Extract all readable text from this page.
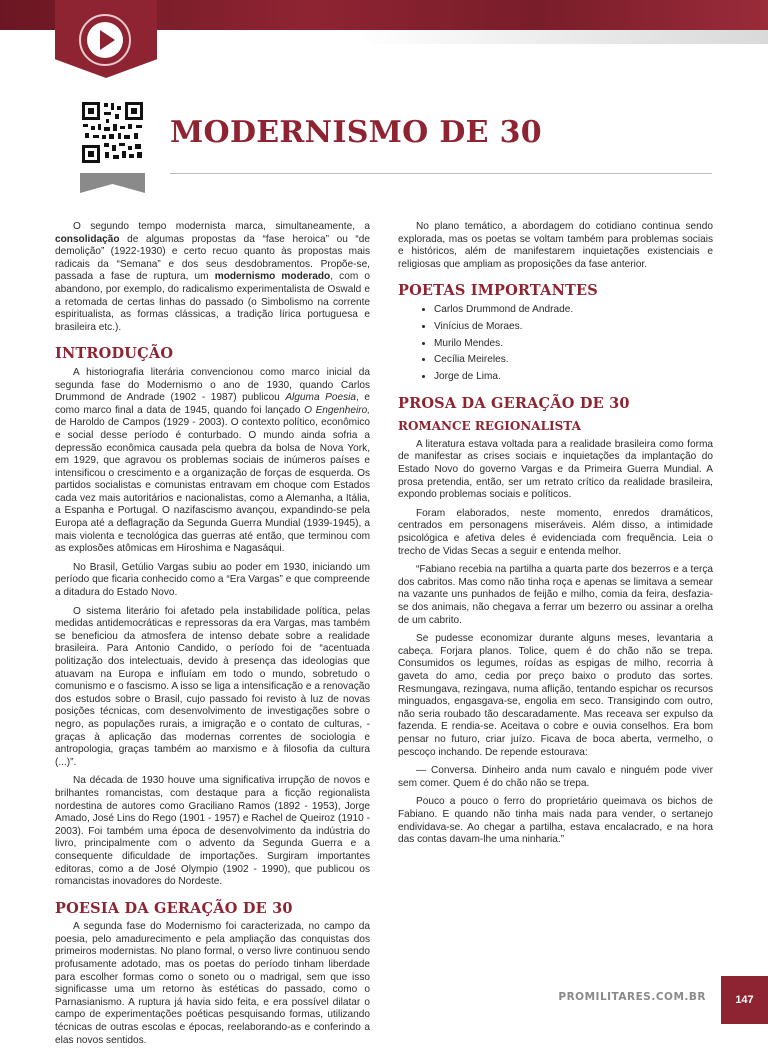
MODERNISMO DE 30

O segundo tempo modernista marca, simultaneamente, a consolidação de algumas propostas da “fase heroica” ou “de demolição” (1922-1930) e certo recuo quanto às propostas mais radicais da “Semana” e dos seus desdobramentos. Propõe-se, passada a fase de ruptura, um modernismo moderado, com o abandono, por exemplo, do radicalismo experimentalista de Oswald e a retomada de certas linhas do passado (o Simbolismo na corrente espiritualista, as formas clássicas, a tradição lírica portuguesa e brasileira etc.).

INTRODUÇÃO

A historiografia literária convencionou como marco inicial da segunda fase do Modernismo o ano de 1930, quando Carlos Drummond de Andrade (1902 - 1987) publicou Alguma Poesia, e como marco final a data de 1945, quando foi lançado O Engenheiro, de Haroldo de Campos (1929 - 2003). O contexto político, econômico e social desse período é conturbado. O mundo ainda sofria a depressão econômica causada pela quebra da bolsa de Nova York, em 1929, que agravou os problemas sociais de inúmeros países e intensificou o crescimento e a organização de forças de esquerda. Os partidos socialistas e comunistas entravam em choque com Estados cada vez mais autoritários e nacionalistas, como a Alemanha, a Itália, a Espanha e Portugal. O nazifascismo avançou, expandindo-se pela Europa até a deflagração da Segunda Guerra Mundial (1939-1945), a mais violenta e tecnológica das guerras até então, que terminou com as explosões atômicas em Hiroshima e Nagasáqui.

No Brasil, Getúlio Vargas subiu ao poder em 1930, iniciando um período que ficaria conhecido como a “Era Vargas” e que compreende a ditadura do Estado Novo.

O sistema literário foi afetado pela instabilidade política, pelas medidas antidemocráticas e repressoras da era Vargas, mas também se beneficiou da atmosfera de intenso debate sobre a realidade brasileira. Para Antonio Candido, o período foi de “acentuada politização dos intelectuais, devido à presença das ideologias que atuavam na Europa e influíam em todo o mundo, sobretudo o comunismo e o fascismo. A isso se liga a intensificação e a renovação dos estudos sobre o Brasil, cujo passado foi revisto à luz de novas posições técnicas, com desenvolvimento de investigações sobre o negro, as populações rurais, a imigração e o contato de culturas, - graças à aplicação das modernas correntes de sociologia e antropologia, graças também ao marxismo e à filosofia da cultura (...)”.

Na década de 1930 houve uma significativa irrupção de novos e brilhantes romancistas, com destaque para a ficção regionalista nordestina de autores como Graciliano Ramos (1892 - 1953), Jorge Amado, José Lins do Rego (1901 - 1957) e Rachel de Queiroz (1910 - 2003). Foi também uma época de desenvolvimento da indústria do livro, principalmente com o advento da Segunda Guerra e a consequente dificuldade de importações. Surgiram importantes editoras, como a de José Olympio (1902 - 1990), que publicou os romancistas inovadores do Nordeste.

POESIA DA GERAÇÃO DE 30

A segunda fase do Modernismo foi caracterizada, no campo da poesia, pelo amadurecimento e pela ampliação das conquistas dos primeiros modernistas. No plano formal, o verso livre continuou sendo profusamente adotado, mas os poetas do período tinham liberdade para escolher formas como o soneto ou o madrigal, sem que isso significasse uma um retorno às estéticas do passado, como o Parnasianismo. A ruptura já havia sido feita, e era possível dilatar o campo de experimentações poéticas pesquisando formas, utilizando técnicas de outras escolas e épocas, reelaborando-as e conferindo a elas novos sentidos.

No plano temático, a abordagem do cotidiano continua sendo explorada, mas os poetas se voltam também para problemas sociais e históricos, além de manifestarem inquietações existenciais e religiosas que ampliam as proposições da fase anterior.

POETAS IMPORTANTES
• Carlos Drummond de Andrade.
• Vinícius de Moraes.
• Murilo Mendes.
• Cecília Meireles.
• Jorge de Lima.
PROSA DA GERAÇÃO DE 30
ROMANCE REGIONALISTA

A literatura estava voltada para a realidade brasileira como forma de manifestar as crises sociais e inquietações da implantação do Estado Novo do governo Vargas e da Primeira Guerra Mundial. A prosa pretendia, então, ser um retrato crítico da realidade brasileira, expondo problemas sociais e políticos.

Foram elaborados, neste momento, enredos dramáticos, centrados em personagens miseráveis. Além disso, a intimidade psicológica e afetiva deles é evidenciada com frequência. Leia o trecho de Vidas Secas a seguir e entenda melhor.

“Fabiano recebia na partilha a quarta parte dos bezerros e a terça dos cabritos. Mas como não tinha roça e apenas se limitava a semear na vazante uns punhados de feijão e milho, comia da feira, desfazia-se dos animais, não chegava a ferrar um bezerro ou assinar a orelha de um cabrito.

Se pudesse economizar durante alguns meses, levantaria a cabeça. Forjara planos. Tolice, quem é do chão não se trepa. Consumidos os legumes, roídas as espigas de milho, recorria à gaveta do amo, cedia por preço baixo o produto das sortes. Resmungava, rezingava, numa aflição, tentando espichar os recursos minguados, engasgava-se, engolia em seco. Transigindo com outro, não seria roubado tão descaradamente. Mas receava ser expulso da fazenda. E rendia-se. Aceitava o cobre e ouvia conselhos. Era bom pensar no futuro, criar juízo. Ficava de boca aberta, vermelho, o pescoço inchando. De repende estourava:

— Conversa. Dinheiro anda num cavalo e ninguém pode viver sem comer. Quem é do chão não se trepa.

Pouco a pouco o ferro do proprietário queimava os bichos de Fabiano. E quando não tinha mais nada para vender, o sertanejo endividava-se. Ao chegar a partilha, estava encalacrado, e na hora das contas davam-lhe uma ninharia.”

PROMILITARES.COM.BR	147
